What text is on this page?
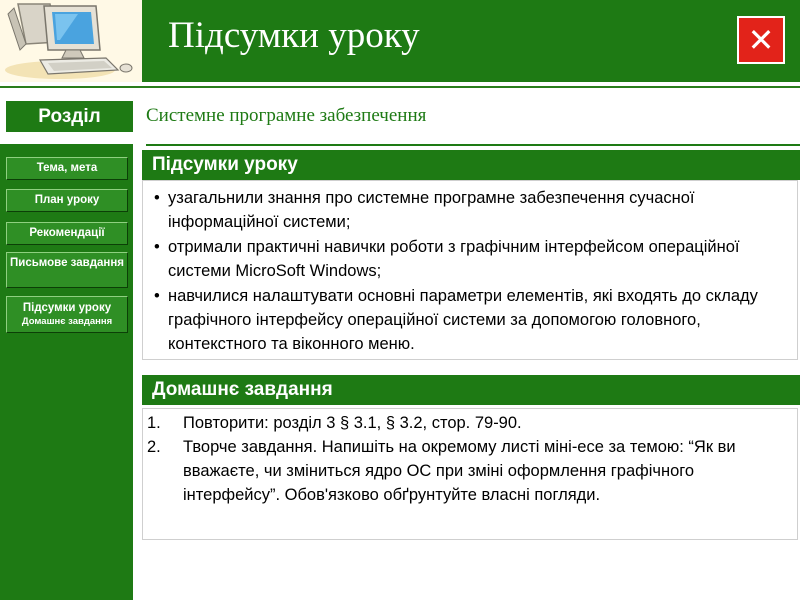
Підсумки уроку	✕
Розділ	Системне програмне забезпечення
Тема, мета
План уроку
Рекомендації
Письмове завдання
Підсумки уроку
Домашнє завдання
Підсумки уроку
• узагальнили знання про системне програмне забезпечення сучасної інформаційної системи;
• отримали практичні навички роботи з графічним інтерфейсом операційної системи MicroSoft Windows;
• навчилися налаштувати основні параметри елементів, які входять до складу графічного інтерфейсу операційної системи за допомогою головного, контекстного та віконного меню.
Домашнє завдання
1. Повторити: розділ 3 § 3.1, § 3.2, стор. 79-90.
2. Творче завдання. Напишіть на окремому листі міні-есе за темою: “Як ви вважаєте, чи зміниться ядро ОС при зміні оформлення графічного інтерфейсу”. Обов'язково обґрунтуйте власні погляди.
